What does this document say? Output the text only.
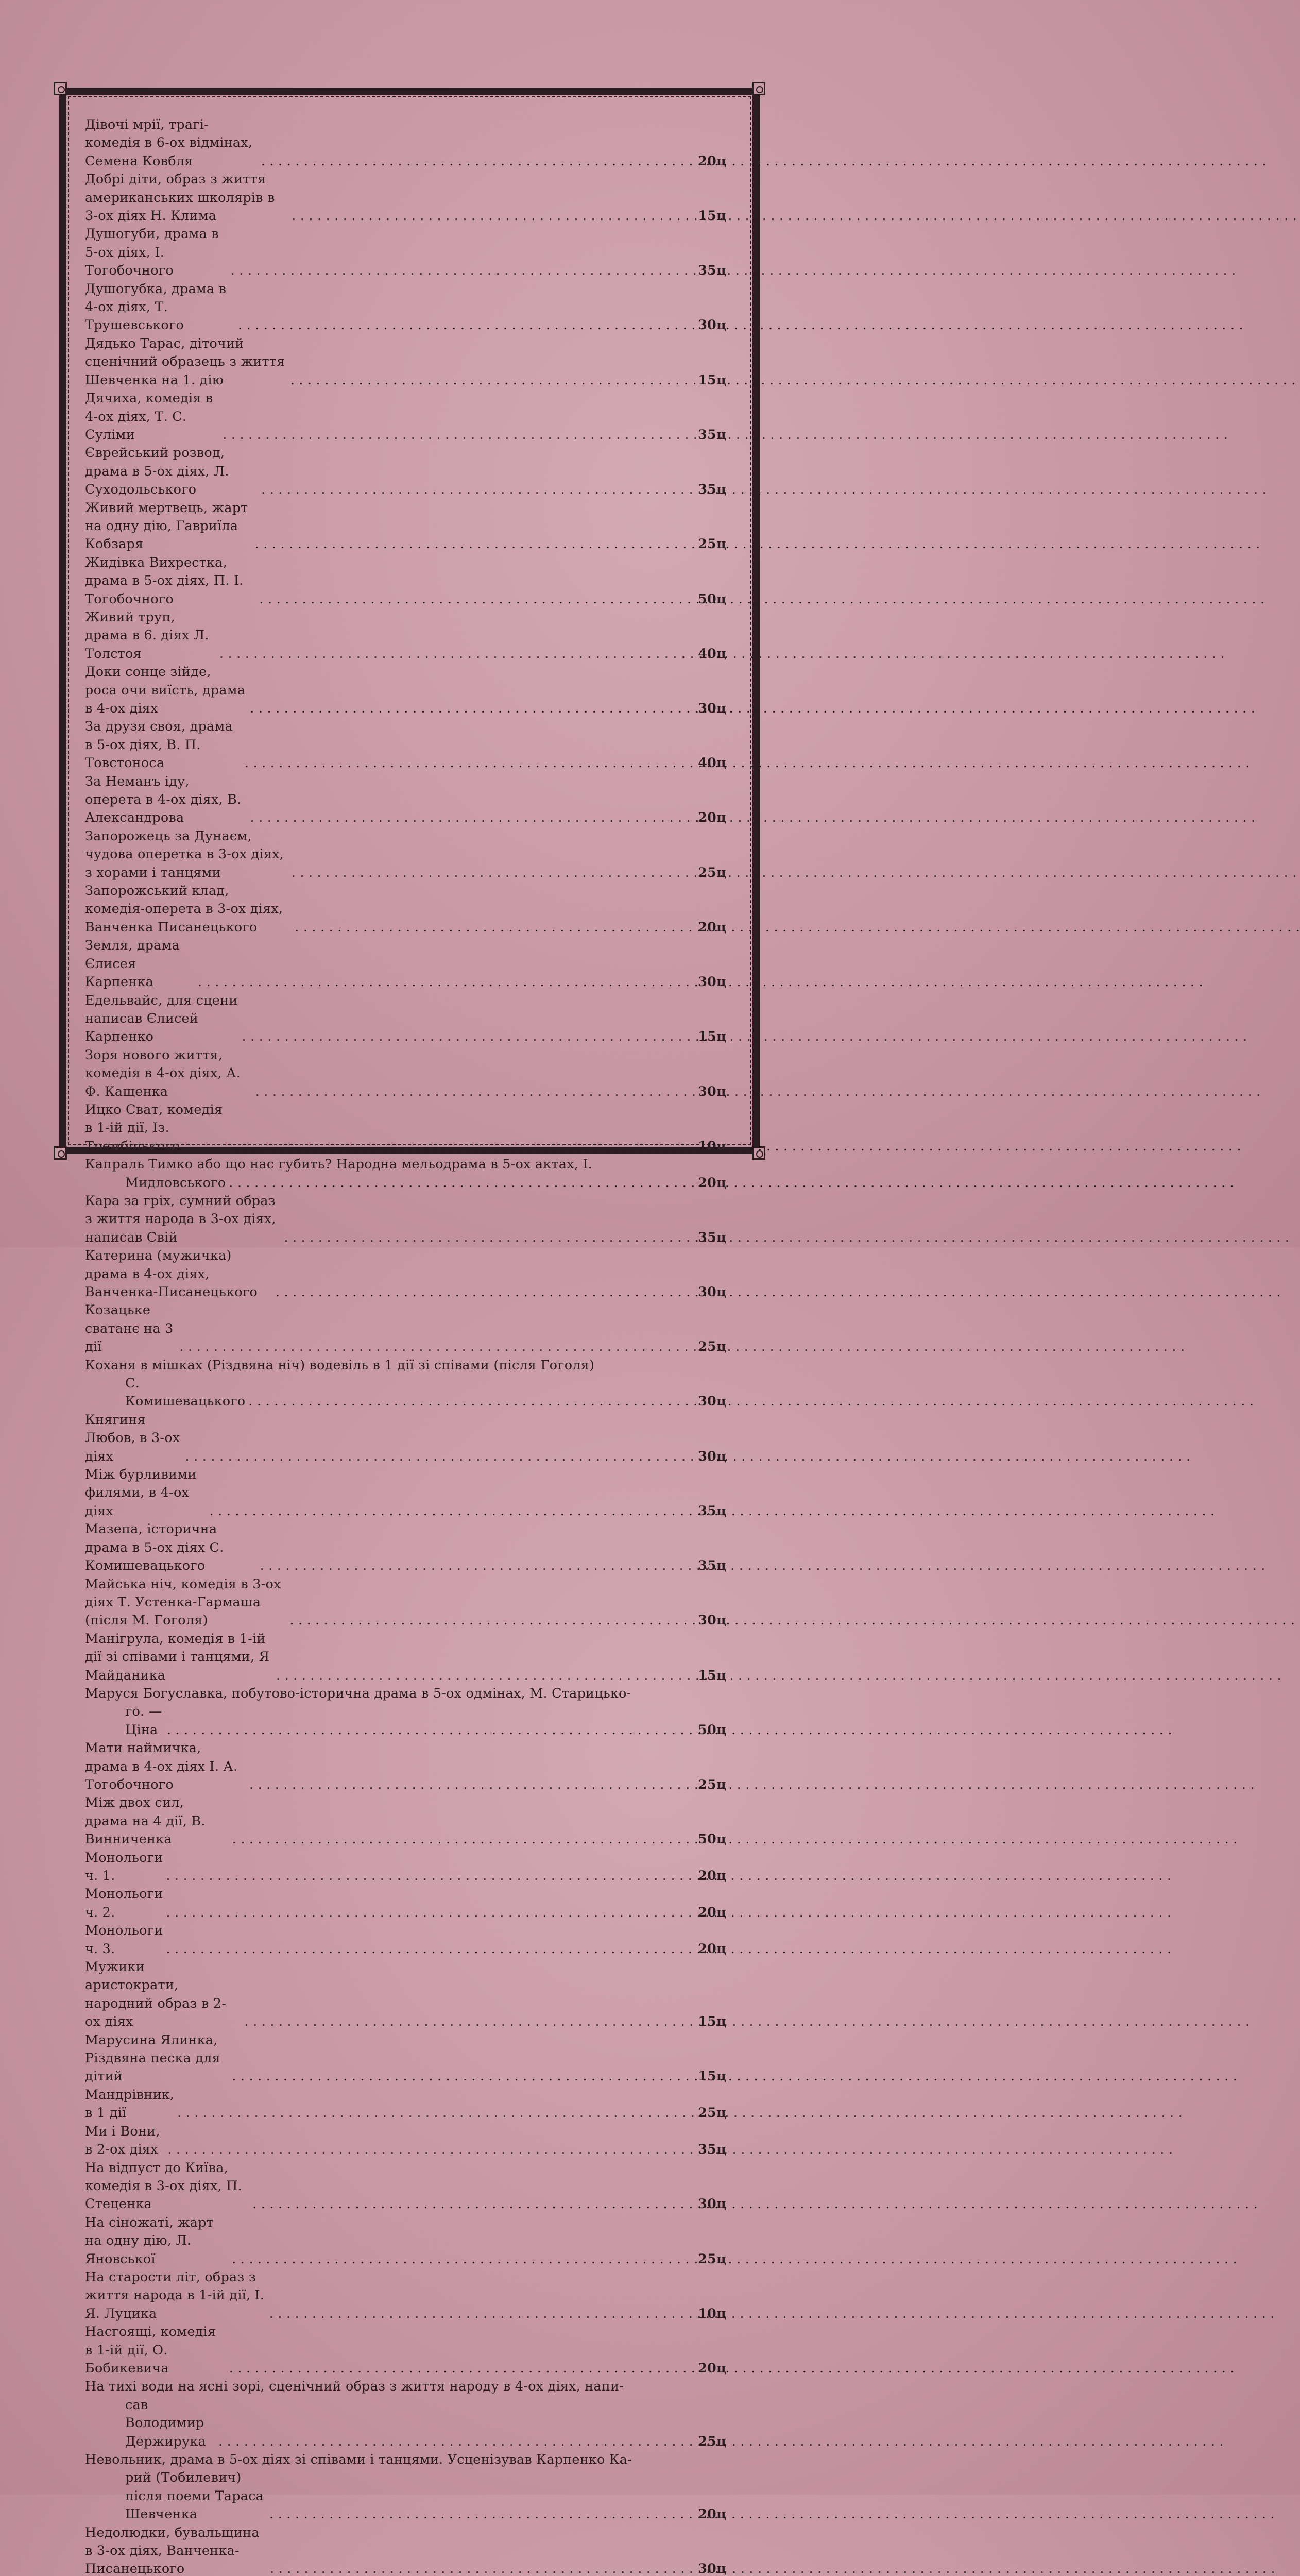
Дівочі мрії, трагі-комедія в 6-ох відмінах, Семена Ковбля . . .	20ц
Добрі діти, образ з життя американських школярів в 3-ох діях Н. Клима . . .	15ц
Душогуби, драма в 5-ох діях, І. Тогобочного . . .	35ц
Душогубка, драма в 4-ох діях, Т. Трушевського . . .	30ц
Дядько Тарас, діточий сценічний образець з життя Шевченка на 1. дію . . .	15ц
Дячиха, комедія в 4-ох діях, Т. С. Суліми . . .	35ц
Єврейський розвод, драма в 5-ох діях, Л. Суходольського . . .	35ц
Живий мертвець, жарт на одну дію, Гавриїла Кобзаря . . .	25ц
Жидівка Вихрестка, драма в 5-ох діях, П. І. Тогобочного . . .	50ц
Живий труп, драма в 6. діях Л. Толстоя . . .	40ц
Доки сонце зійде, роса очи виїсть, драма в 4-ох діях . . .	30ц
За друзя своя, драма в 5-ох діях, В. П. Товстоноса . . .	40ц
За Неманъ іду, оперета в 4-ох діях, В. Александрова . . .	20ц
Запорожець за Дунаєм, чудова оперетка в 3-ох діях, з хорами і танцями . . .	25ц
Запорожський клад, комедія-оперета в 3-ох діях, Ванченка Писанецького . . .	20ц
Земля, драма Єлисея Карпенка . . .	30ц
Едельвайс, для сцени написав Єлисей Карпенко . . .	15ц
Зоря нового життя, комедія в 4-ох діях, А. Ф. Кащенка . . .	30ц
Ицко Сват, комедія в 1-ій дії, Із. Трембіцького . . .	10ц
Капраль Тимко або що нас губить? Народна мельодрама в 5-ох актах, І.
Мидловського . . .	20ц
Кара за гріх, сумний образ з життя народа в 3-ох діях, написав Свій . . .	35ц
Катерина (мужичка) драма в 4-ох діях, Ванченка-Писанецького . . .	30ц
Козацьке сватанє на 3 дії . . .	25ц
Коханя в мішках (Різдвяна ніч) водевіль в 1 дії зі співами (після Гоголя)
С. Комишевацького . . .	30ц
Княгиня Любов, в 3-ох діях . . .	30ц
Між бурливими филями, в 4-ох діях . . .	35ц
Мазепа, історична драма в 5-ох діях С. Комишевацького . . .	35ц
Майська ніч, комедія в 3-ох діях Т. Устенка-Гармаша (після М. Гоголя) . . .	30ц
Манігрула, комедія в 1-ій дії зі співами і танцями, Я Майданика . . .	15ц
Маруся Богуславка, побутово-історична драма в 5-ох одмінах, М. Старицько-
го. — Ціна . . .	50ц
Мати наймичка, драма в 4-ох діях І. А. Тогобочного . . .	25ц
Між двох сил, драма на 4 дії, В. Винниченка . . .	50ц
Монольоги ч. 1. . . .	20ц
Монольоги ч. 2. . . .	20ц
Монольоги ч. 3. . . .	20ц
Мужики аристократи, народний образ в 2-ох діях . . .	15ц
Марусина Ялинка, Різдвяна песка для дітий . . .	15ц
Мандрівник, в 1 дії . . .	25ц
Ми і Вони, в 2-ох діях . . .	35ц
На відпуст до Київа, комедія в 3-ох діях, П. Стеценка . . .	30ц
На сіножаті, жарт на одну дію, Л. Яновської . . .	25ц
На старости літ, образ з життя народа в 1-ій дії, І. Я. Луцика . . .	10ц
Насгоящі, комедія в 1-ій дії, О. Бобикевича . . .	20ц
На тихі води на ясні зорі, сценічний образ з життя народу в 4-ох діях, напи-
сав Володимир Держирука . . .	25ц
Невольник, драма в 5-ох діях зі співами і танцями. Усценізував Карпенко Ка-
рий (Тобилевич) після поеми Тараса Шевченка . . .	20ц
Недолюдки, бувальщина в 3-ох діях, Ванченка-Писанецького . . .	30ц
